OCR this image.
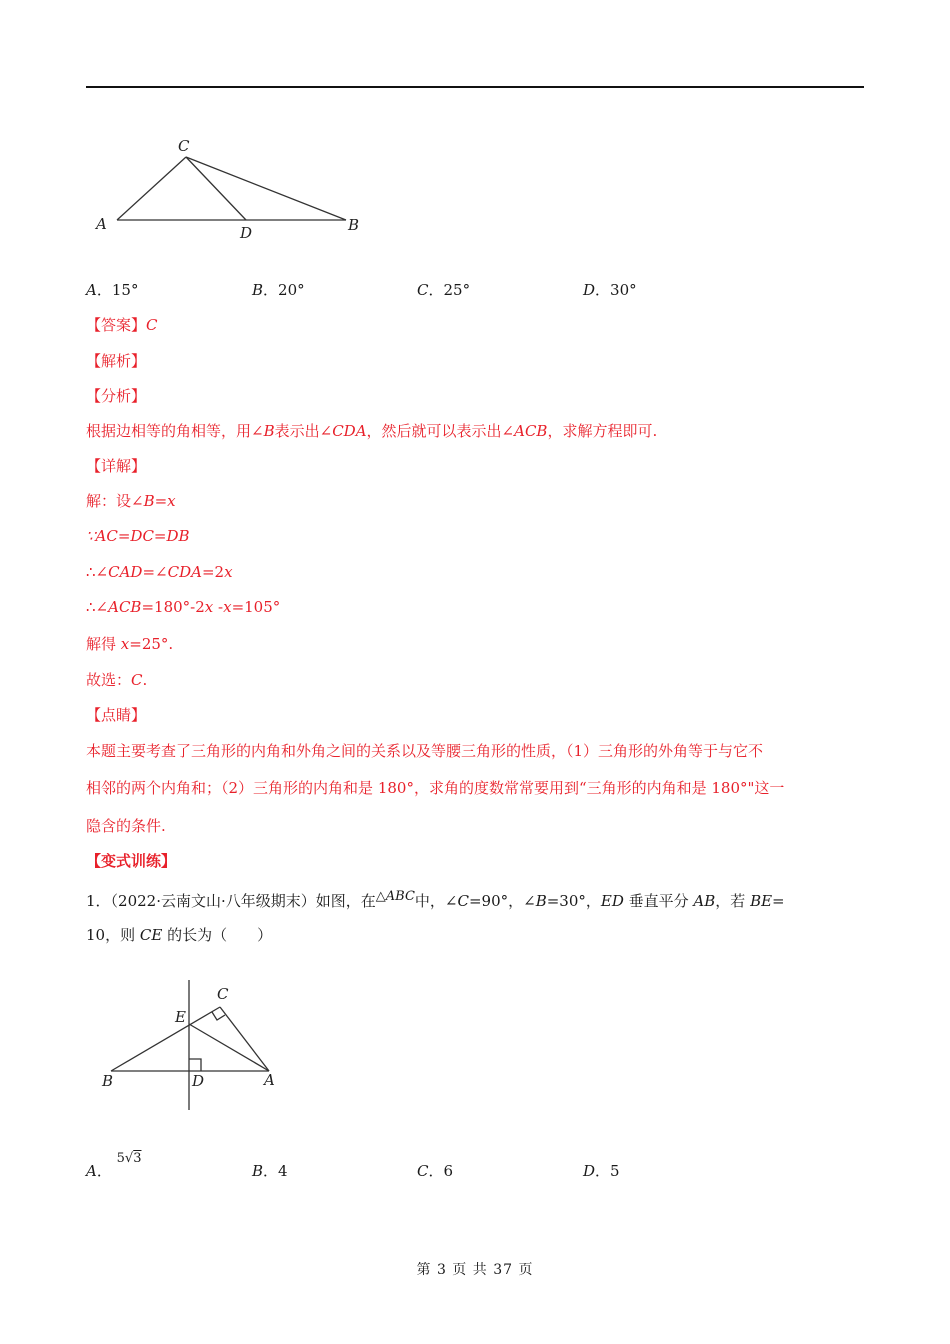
C
A	D	B
A．15°	B．20°	C．25°	D．30°
【答案】C
【解析】
【分析】
根据边相等的角相等，用∠B表示出∠CDA，然后就可以表示出∠ACB，求解方程即可.
【详解】
解：设∠B=x
∵AC=DC=DB
∴∠CAD=∠CDA=2x
∴∠ACB=180°-2x -x=105°
解得 x=25°.
故选：C.
【点睛】
本题主要考查了三角形的内角和外角之间的关系以及等腰三角形的性质，（1）三角形的外角等于与它不
相邻的两个内角和；（2）三角形的内角和是 180°，求角的度数常常要用到“三角形的内角和是 180°"这一
隐含的条件.
【变式训练】
1．（2022·云南文山·八年级期末）如图，在$^{\triangle ABC}$中，∠C=90°，∠B=30°，ED 垂直平分 AB，若 BE=
10，则 CE 的长为（　　）
C
E
B	D	A
A． 5√3
B．4	C．6	D．5
第 3 页 共 37 页
